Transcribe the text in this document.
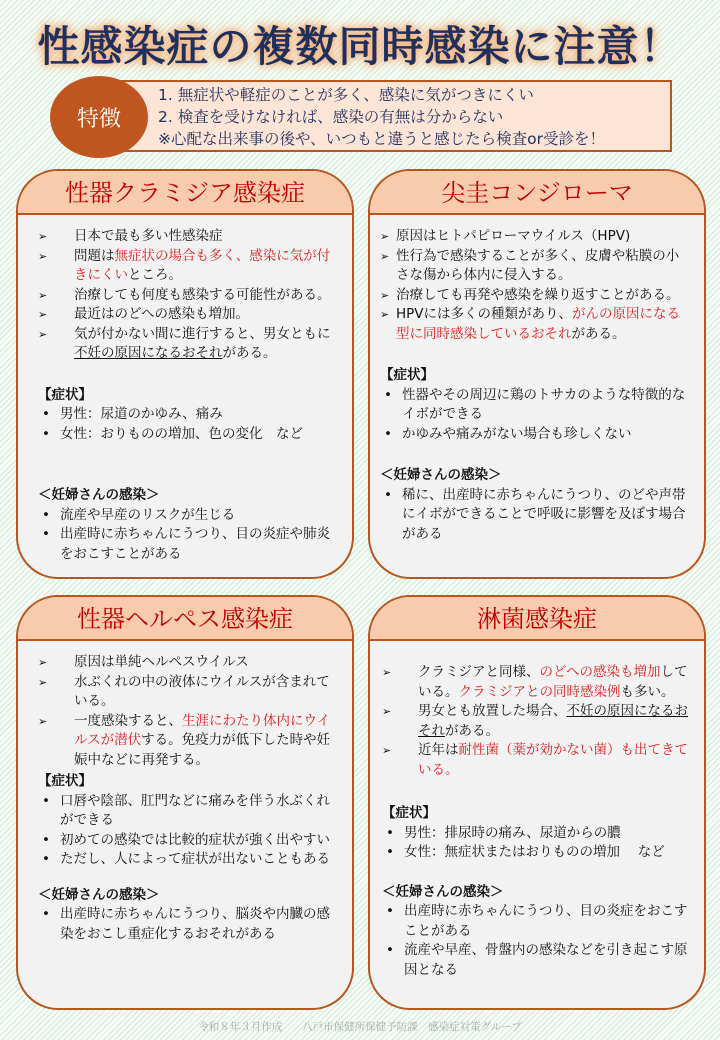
性感染症の複数同時感染に注意！
特徴
1. 無症状や軽症のことが多く、感染に気がつきにくい
2. 検査を受けなければ、感染の有無は分からない
※心配な出来事の後や、いつもと違うと感じたら検査or受診を！
性器クラミジア感染症
➢ 日本で最も多い性感染症
➢ 問題は無症状の場合も多く、感染に気が付きにくいところ。
➢ 治療しても何度も感染する可能性がある。
➢ 最近はのどへの感染も増加。
➢ 気が付かない間に進行すると、男女ともに不妊の原因になるおそれがある。
【症状】
• 男性：尿道のかゆみ、痛み
• 女性：おりものの増加、色の変化　など
＜妊婦さんの感染＞
• 流産や早産のリスクが生じる
• 出産時に赤ちゃんにうつり、目の炎症や肺炎をおこすことがある
尖圭コンジローマ
➢ 原因はヒトパピローマウイルス（HPV)
➢ 性行為で感染することが多く、皮膚や粘膜の小さな傷から体内に侵入する。
➢ 治療しても再発や感染を繰り返すことがある。
➢ HPVには多くの種類があり、がんの原因になる型に同時感染しているおそれがある。
【症状】
• 性器やその周辺に鶏のトサカのような特徴的なイボができる
• かゆみや痛みがない場合も珍しくない
＜妊婦さんの感染＞
• 稀に、出産時に赤ちゃんにうつり、のどや声帯にイボができることで呼吸に影響を及ぼす場合がある
性器ヘルペス感染症
➢ 原因は単純ヘルペスウイルス
➢ 水ぶくれの中の液体にウイルスが含まれている。
➢ 一度感染すると、生涯にわたり体内にウイルスが潜伏する。免疫力が低下した時や妊娠中などに再発する。
【症状】
• 口唇や陰部、肛門などに痛みを伴う水ぶくれができる
• 初めての感染では比較的症状が強く出やすい
• ただし、人によって症状が出ないこともある
＜妊婦さんの感染＞
• 出産時に赤ちゃんにうつり、脳炎や内臓の感染をおこし重症化するおそれがある
淋菌感染症
➢ クラミジアと同様、のどへの感染も増加している。クラミジアとの同時感染例も多い。
➢ 男女とも放置した場合、不妊の原因になるおそれがある。
➢ 近年は耐性菌（薬が効かない菌）も出てきている。
【症状】
• 男性：排尿時の痛み、尿道からの膿
• 女性：無症状またはおりものの増加　 など
＜妊婦さんの感染＞
• 出産時に赤ちゃんにうつり、目の炎症をおこすことがある
• 流産や早産、骨盤内の感染などを引き起こす原因となる
令和８年３月作成　 八戸市保健所保健予防課　感染症対策グループ
